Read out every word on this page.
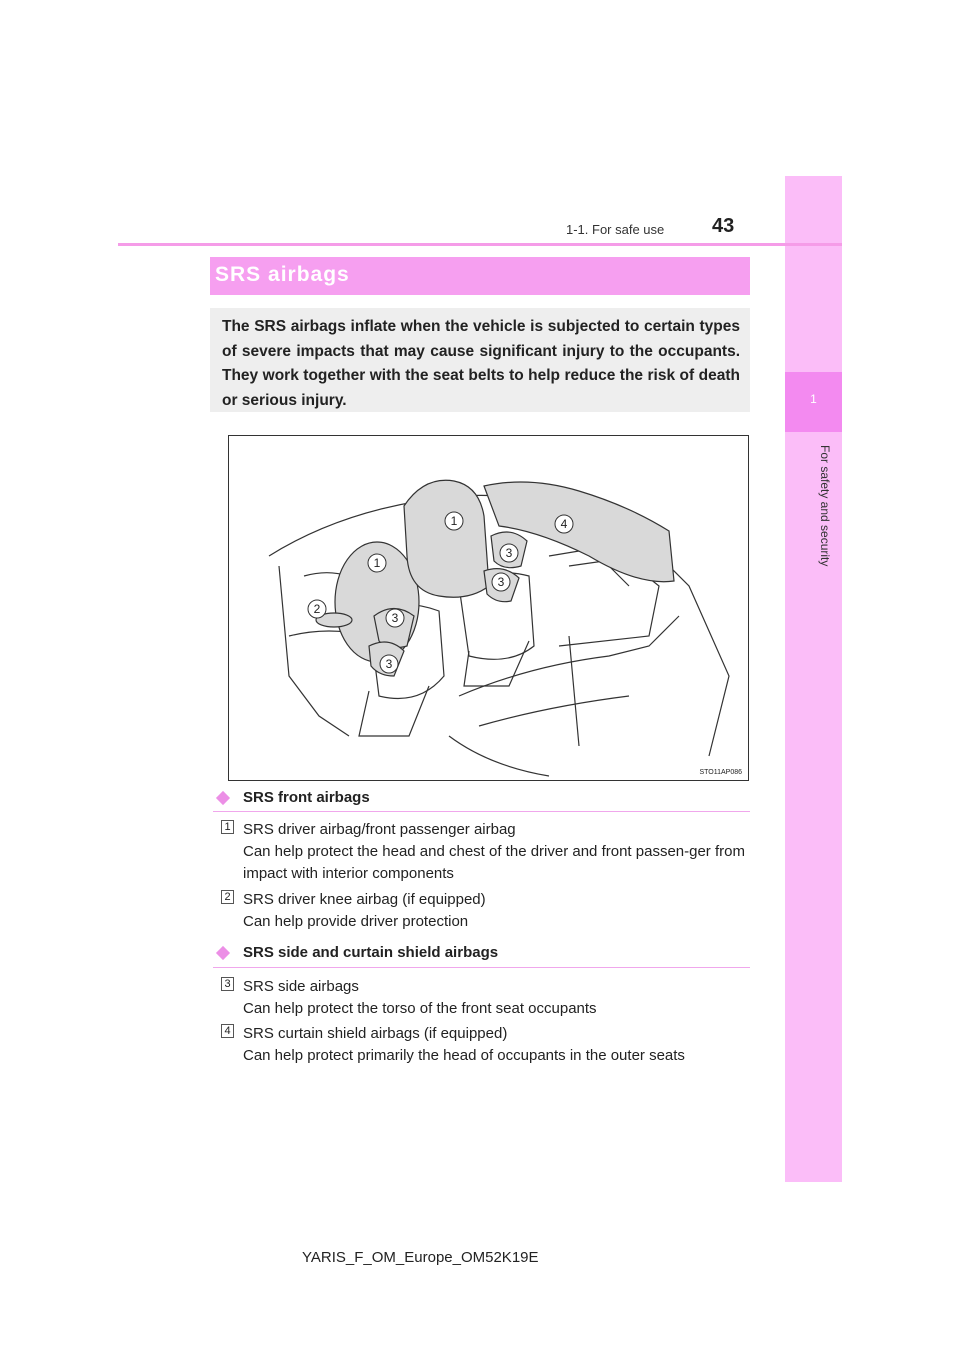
1
For safety and security
1-1. For safe use 43
SRS airbags

The SRS airbags inflate when the vehicle is subjected to certain types of severe impacts that may cause significant injury to the occupants. They work together with the seat belts to help reduce the risk of death or serious injury.

1
1
2
3
3
3
3
4
STO11AP086
SRS front airbags
1 SRS driver airbag/front passenger airbag
Can help protect the head and chest of the driver and front passen-ger from impact with interior components

2 SRS driver knee airbag (if equipped)
Can help provide driver protection

SRS side and curtain shield airbags
3 SRS side airbags
Can help protect the torso of the front seat occupants

4 SRS curtain shield airbags (if equipped)
Can help protect primarily the head of occupants in the outer seats

YARIS_F_OM_Europe_OM52K19E
